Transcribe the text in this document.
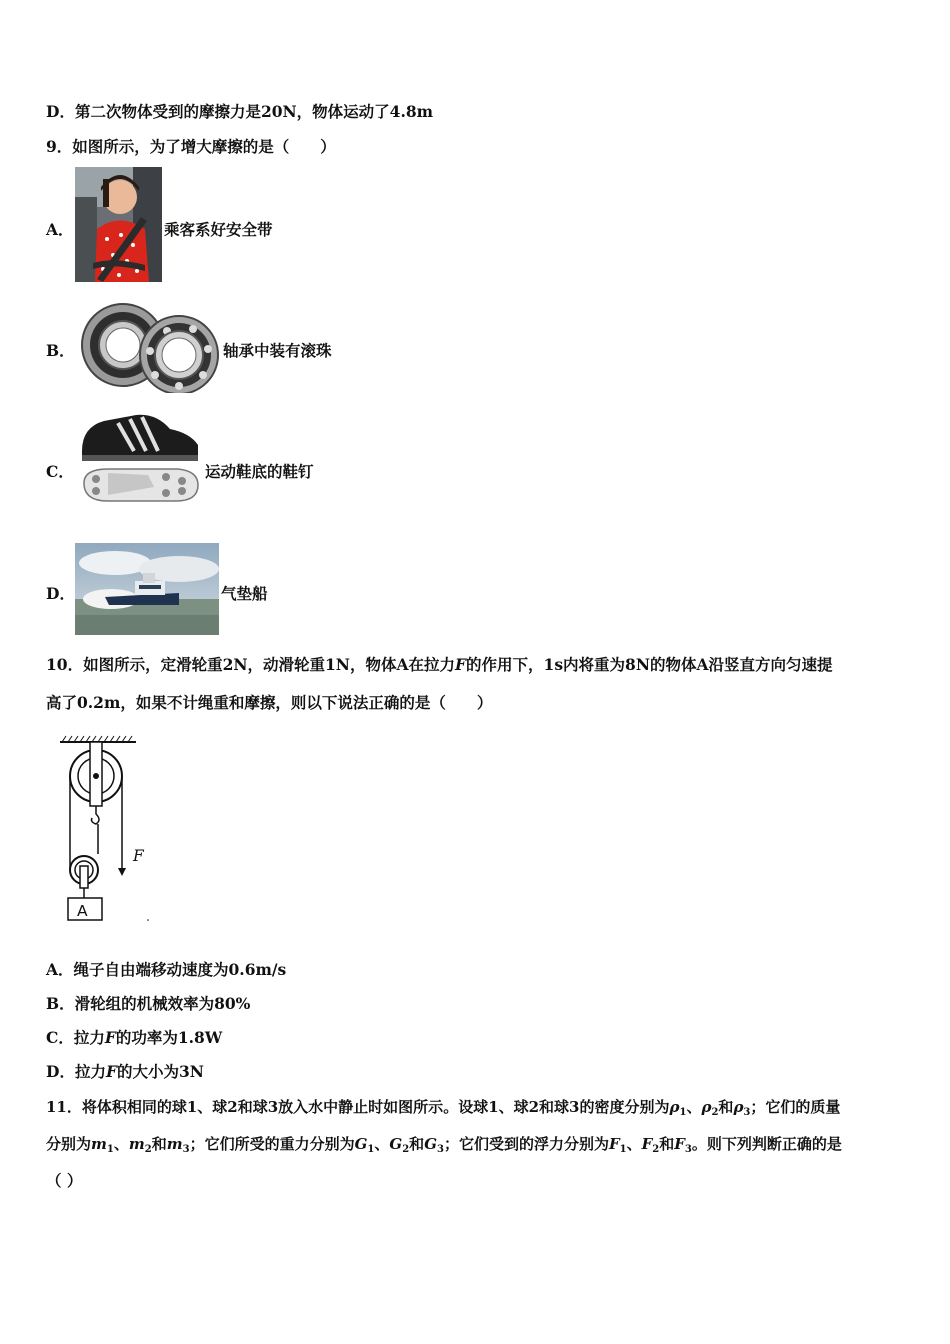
D．第二次物体受到的摩擦力是20N，物体运动了4.8m
9．如图所示，为了增大摩擦的是（　　）
A．	乘客系好安全带
B．	轴承中装有滚珠
C．	运动鞋底的鞋钉
D．	气垫船
10．如图所示，定滑轮重2N，动滑轮重1N，物体A在拉力F的作用下，1s内将重为8N的物体A沿竖直方向匀速提
高了0.2m，如果不计绳重和摩擦，则以下说法正确的是（　　）
F
A
A．绳子自由端移动速度为0.6m/s
B．滑轮组的机械效率为80%
C．拉力F的功率为1.8W
D．拉力F的大小为3N
11．将体积相同的球1、球2和球3放入水中静止时如图所示。设球1、球2和球3的密度分别为$\rho_1$、$\rho_2$和$\rho_3$；它们的质量
分别为$m_1$、$m_2$和$m_3$；它们所受的重力分别为$G_1$、$G_2$和$G_3$；它们受到的浮力分别为$F_1$、$F_2$和$F_3$。则下列判断正确的是
（ ）
